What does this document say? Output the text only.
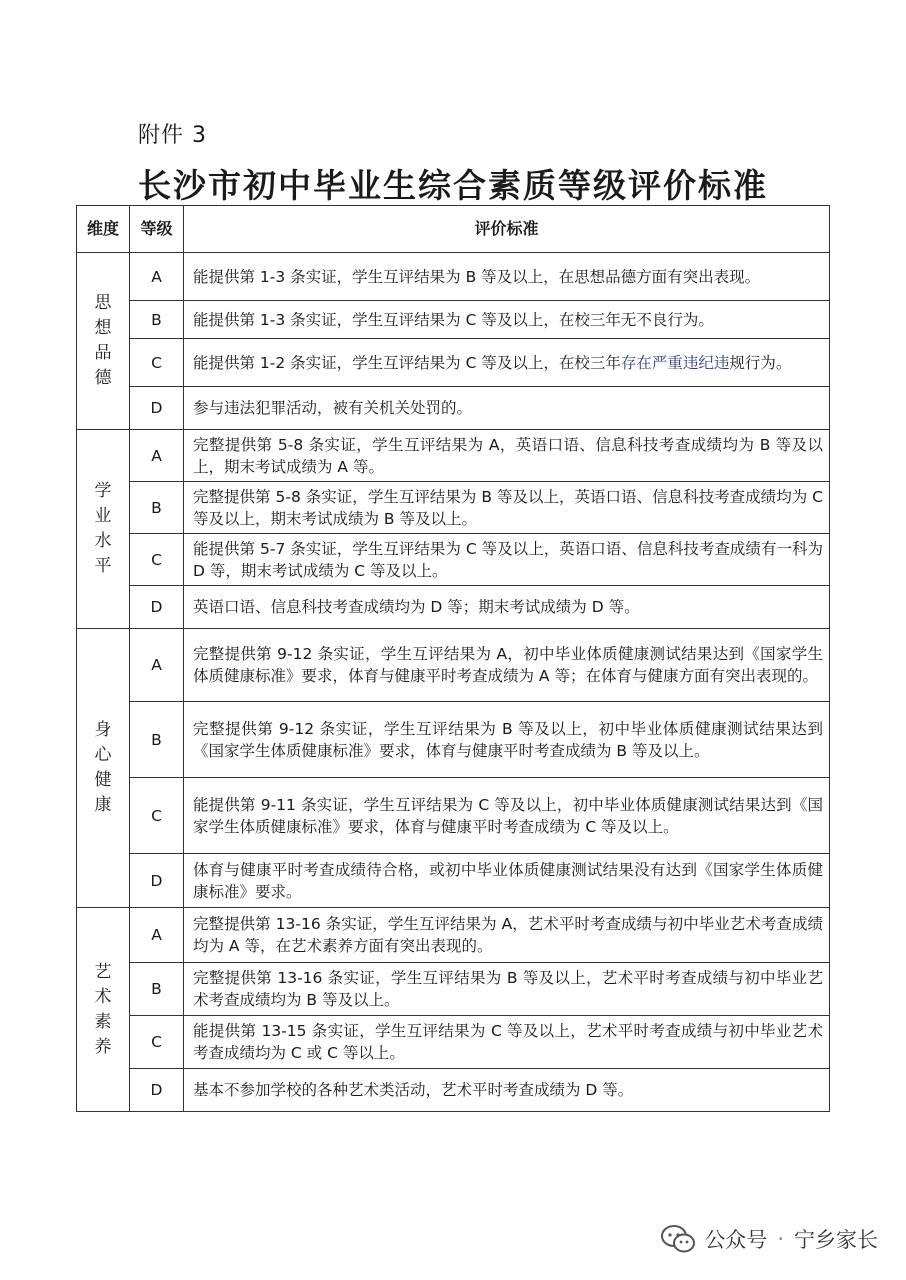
附件 3
长沙市初中毕业生综合素质等级评价标准
维度	等级	评价标准
思想品德	A	能提供第 1-3 条实证，学生互评结果为 B 等及以上，在思想品德方面有突出表现。
	B	能提供第 1-3 条实证，学生互评结果为 C 等及以上，在校三年无不良行为。
	C	能提供第 1-2 条实证，学生互评结果为 C 等及以上，在校三年存在严重违纪违规行为。
	D	参与违法犯罪活动，被有关机关处罚的。
学业水平	A	完整提供第 5-8 条实证，学生互评结果为 A，英语口语、信息科技考查成绩均为 B 等及以上，期末考试成绩为 A 等。
	B	完整提供第 5-8 条实证，学生互评结果为 B 等及以上，英语口语、信息科技考查成绩均为 C 等及以上，期末考试成绩为 B 等及以上。
	C	能提供第 5-7 条实证，学生互评结果为 C 等及以上，英语口语、信息科技考查成绩有一科为 D 等，期末考试成绩为 C 等及以上。
	D	英语口语、信息科技考查成绩均为 D 等；期末考试成绩为 D 等。
身心健康	A	完整提供第 9-12 条实证，学生互评结果为 A，初中毕业体质健康测试结果达到《国家学生体质健康标准》要求，体育与健康平时考查成绩为 A 等；在体育与健康方面有突出表现的。
	B	完整提供第 9-12 条实证，学生互评结果为 B 等及以上，初中毕业体质健康测试结果达到《国家学生体质健康标准》要求，体育与健康平时考查成绩为 B 等及以上。
	C	能提供第 9-11 条实证，学生互评结果为 C 等及以上，初中毕业体质健康测试结果达到《国家学生体质健康标准》要求，体育与健康平时考查成绩为 C 等及以上。
	D	体育与健康平时考查成绩待合格，或初中毕业体质健康测试结果没有达到《国家学生体质健康标准》要求。
艺术素养	A	完整提供第 13-16 条实证，学生互评结果为 A，艺术平时考查成绩与初中毕业艺术考查成绩均为 A 等，在艺术素养方面有突出表现的。
	B	完整提供第 13-16 条实证，学生互评结果为 B 等及以上，艺术平时考查成绩与初中毕业艺术考查成绩均为 B 等及以上。
	C	能提供第 13-15 条实证，学生互评结果为 C 等及以上，艺术平时考查成绩与初中毕业艺术考查成绩均为 C 或 C 等以上。
	D	基本不参加学校的各种艺术类活动，艺术平时考查成绩为 D 等。
公众号 · 宁乡家长
